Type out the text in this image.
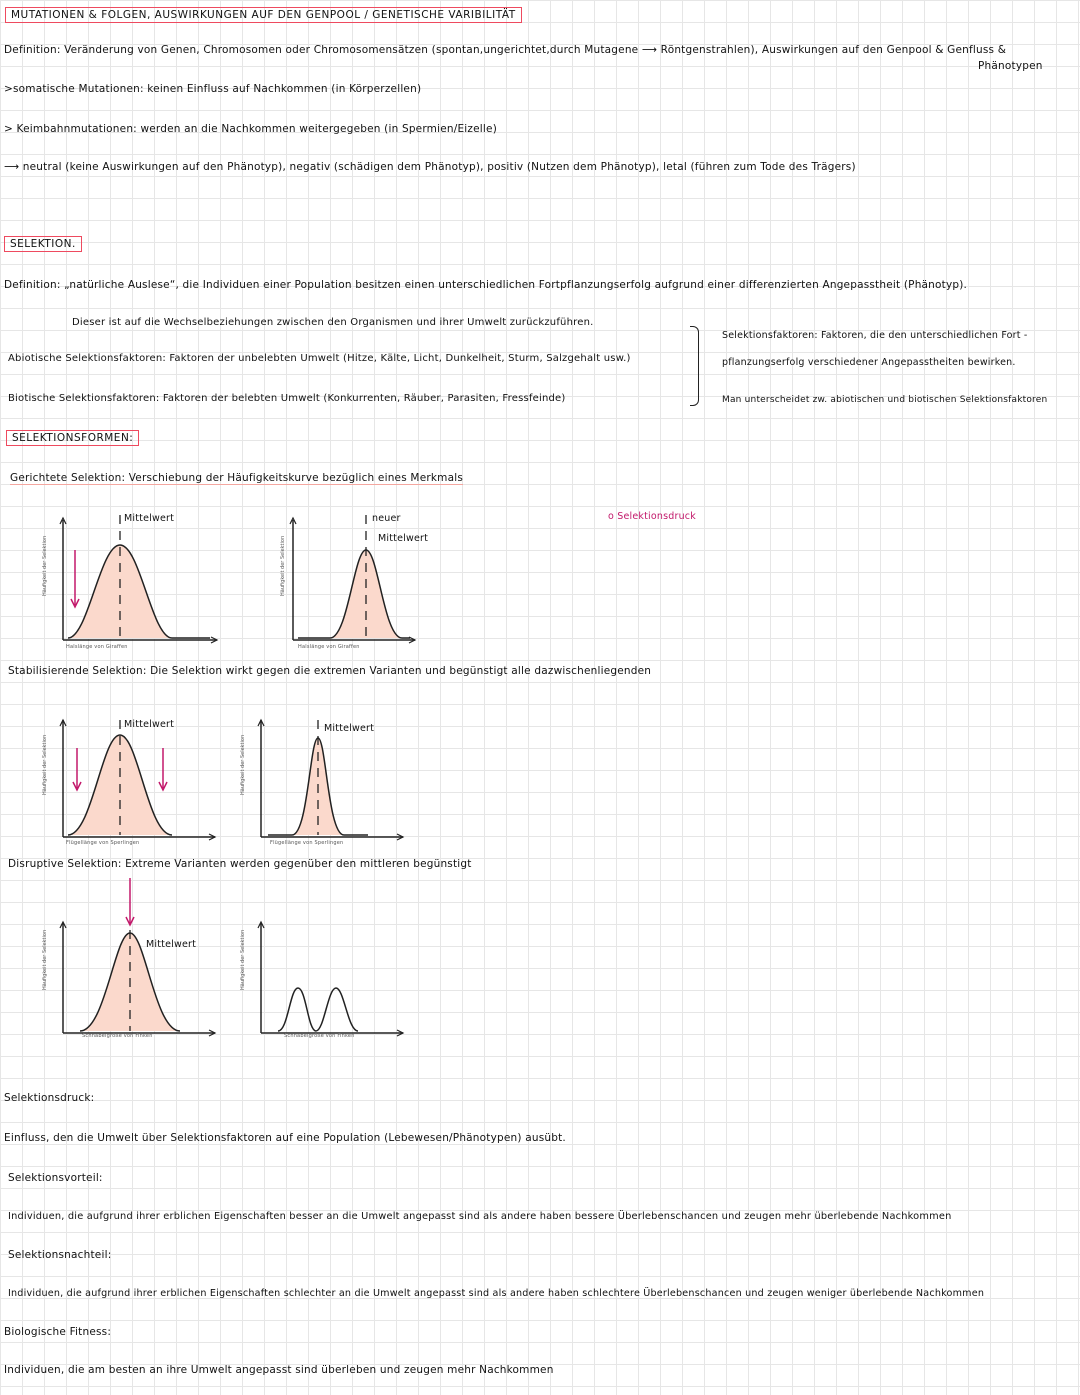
MUTATIONEN & FOLGEN, AUSWIRKUNGEN AUF DEN GENPOOL / GENETISCHE VARIBILITÄT
Definition: Veränderung von Genen, Chromosomen oder Chromosomensätzen (spontan,ungerichtet,durch Mutagene ⟶ Röntgenstrahlen), Auswirkungen auf den Genpool & Genfluss &
Phänotypen
>somatische Mutationen: keinen Einfluss auf Nachkommen (in Körperzellen)
> Keimbahnmutationen: werden an die Nachkommen weitergegeben (in Spermien/Eizelle)
⟶ neutral (keine Auswirkungen auf den Phänotyp), negativ (schädigen dem Phänotyp), positiv (Nutzen dem Phänotyp), letal (führen zum Tode des Trägers)
SELEKTION.
Definition: „natürliche Auslese“, die Individuen einer Population besitzen einen unterschiedlichen Fortpflanzungserfolg aufgrund einer differenzierten Angepasstheit (Phänotyp).
Dieser ist auf die Wechselbeziehungen zwischen den Organismen und ihrer Umwelt zurückzuführen.
Abiotische Selektionsfaktoren: Faktoren der unbelebten Umwelt (Hitze, Kälte, Licht, Dunkelheit, Sturm, Salzgehalt usw.)
Biotische Selektionsfaktoren: Faktoren der belebten Umwelt (Konkurrenten, Räuber, Parasiten, Fressfeinde)
Selektionsfaktoren: Faktoren, die den unterschiedlichen Fort -
pflanzungserfolg verschiedener Angepasstheiten bewirken.
Man unterscheidet zw. abiotischen und biotischen Selektionsfaktoren
SELEKTIONSFORMEN:
Gerichtete Selektion: Verschiebung der Häufigkeitskurve bezüglich eines Merkmals
o Selektionsdruck
Mittelwert
Häufigkeit der Selektion
Halslänge von Giraffen
neuer
Mittelwert
Häufigkeit der Selektion
Halslänge von Giraffen
Stabilisierende Selektion: Die Selektion wirkt gegen die extremen Varianten und begünstigt alle dazwischenliegenden
Mittelwert
Häufigkeit der Selektion
Flügellänge von Sperlingen
Mittelwert
Häufigkeit der Selektion
Flügellänge von Sperlingen
Disruptive Selektion: Extreme Varianten werden gegenüber den mittleren begünstigt
Mittelwert
Häufigkeit der Selektion
Schnabelgröße von Finken
Häufigkeit der Selektion
Schnabelgröße von Finken
Selektionsdruck:
Einfluss, den die Umwelt über Selektionsfaktoren auf eine Population (Lebewesen/Phänotypen) ausübt.
Selektionsvorteil:
Individuen, die aufgrund ihrer erblichen Eigenschaften besser an die Umwelt angepasst sind als andere haben bessere Überlebenschancen und zeugen mehr überlebende Nachkommen
Selektionsnachteil:
Individuen, die aufgrund ihrer erblichen Eigenschaften schlechter an die Umwelt angepasst sind als andere haben schlechtere Überlebenschancen und zeugen weniger überlebende Nachkommen
Biologische Fitness:
Individuen, die am besten an ihre Umwelt angepasst sind überleben und zeugen mehr Nachkommen
